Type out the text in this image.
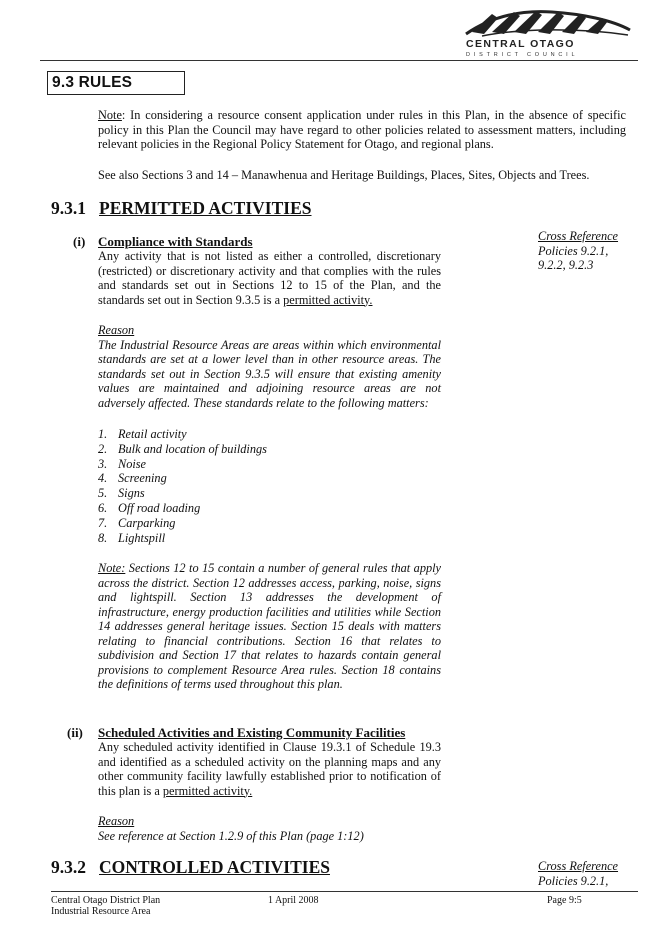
CENTRAL OTAGO
DISTRICT COUNCIL
9.3 RULES
Note: In considering a resource consent application under rules in this Plan, in the absence of specific policy in this Plan the Council may have regard to other policies related to assessment matters, including relevant policies in the Regional Policy Statement for Otago, and regional plans.
See also Sections 3 and 14 – Manawhenua and Heritage Buildings, Places, Sites, Objects and Trees.
9.3.1 PERMITTED ACTIVITIES
Cross Reference
Policies 9.2.1,
9.2.2, 9.2.3
(i) Compliance with Standards
Any activity that is not listed as either a controlled, discretionary (restricted) or discretionary activity and that complies with the rules and standards set out in Sections 12 to 15 of the Plan, and the standards set out in Section 9.3.5 is a permitted activity.
Reason
The Industrial Resource Areas are areas within which environmental standards are set at a lower level than in other resource areas. The standards set out in Section 9.3.5 will ensure that existing amenity values are maintained and adjoining resource areas are not adversely affected. These standards relate to the following matters:
1. Retail activity
2. Bulk and location of buildings
3. Noise
4. Screening
5. Signs
6. Off road loading
7. Carparking
8. Lightspill
Note: Sections 12 to 15 contain a number of general rules that apply across the district. Section 12 addresses access, parking, noise, signs and lightspill. Section 13 addresses the development of infrastructure, energy production facilities and utilities while Section 14 addresses general heritage issues. Section 15 deals with matters relating to financial contributions. Section 16 that relates to subdivision and Section 17 that relates to hazards contain general provisions to complement Resource Area rules. Section 18 contains the definitions of terms used throughout this plan.
(ii) Scheduled Activities and Existing Community Facilities
Any scheduled activity identified in Clause 19.3.1 of Schedule 19.3 and identified as a scheduled activity on the planning maps and any other community facility lawfully established prior to notification of this plan is a permitted activity.
Reason
See reference at Section 1.2.9 of this Plan (page 1:12)
9.3.2 CONTROLLED ACTIVITIES	Cross Reference
Policies 9.2.1,
Central Otago District Plan
Industrial Resource Area
1 April 2008	Page 9:5
